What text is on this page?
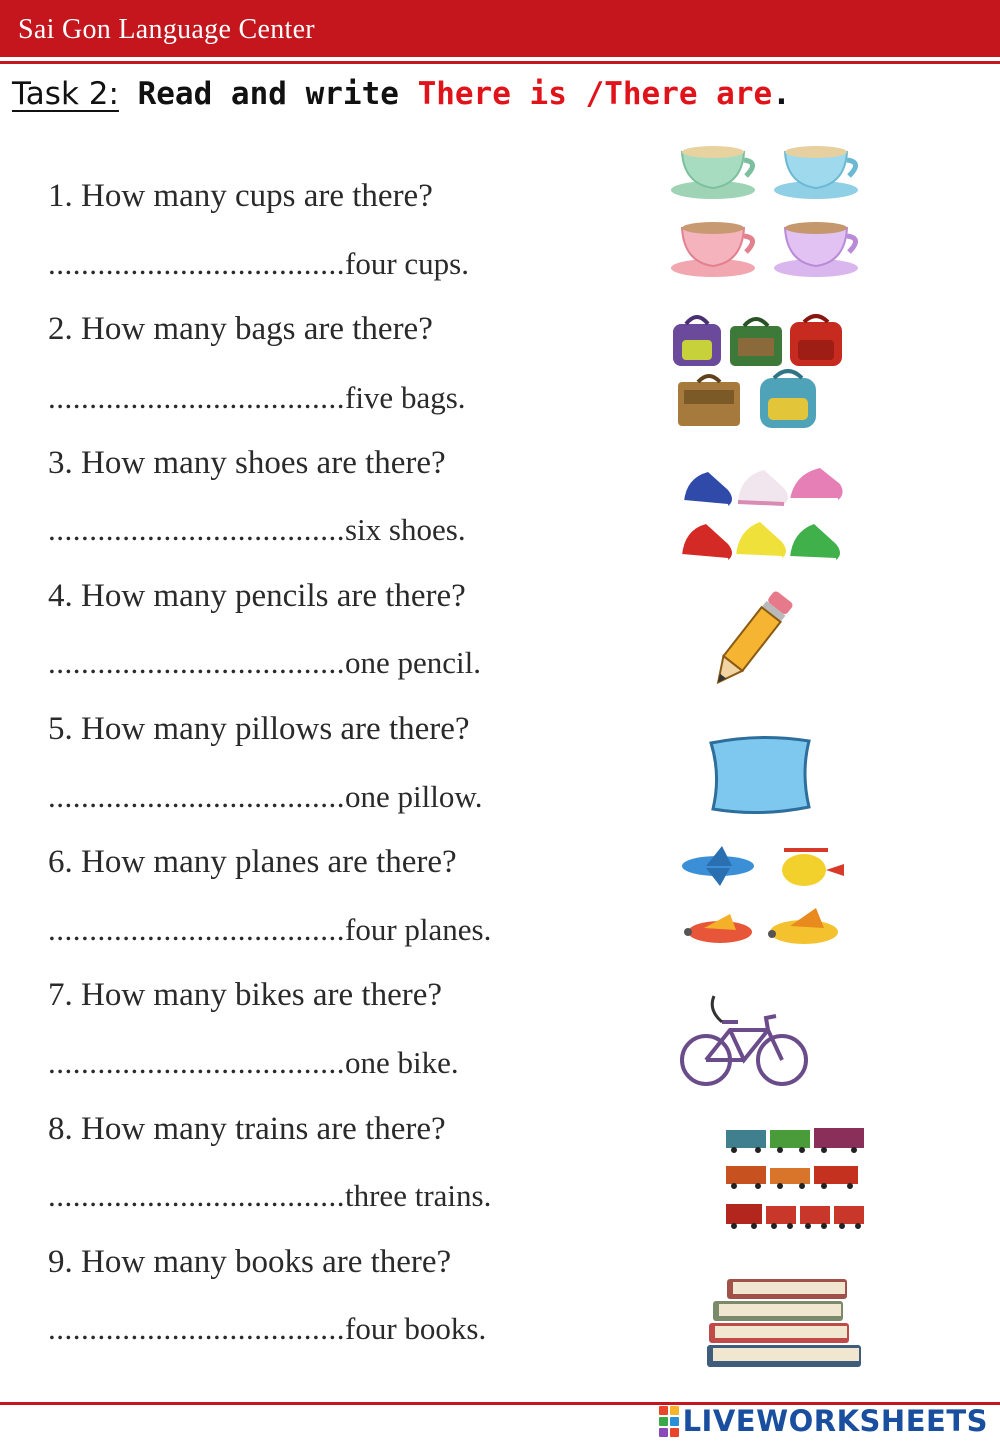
Sai Gon Language Center
Task 2: Read and write There is /There are.
1. How many cups are there?
....................................four cups.
2. How many bags are there?
....................................five bags.
3. How many shoes are there?
....................................six shoes.
4. How many pencils are there?
....................................one pencil.
5. How many pillows are there?
....................................one pillow.
6. How many planes are there?
....................................four planes.
7. How many bikes are there?
....................................one bike.
8. How many trains are there?
....................................three trains.
9. How many books are there?
....................................four books.
LIVEWORKSHEETS
